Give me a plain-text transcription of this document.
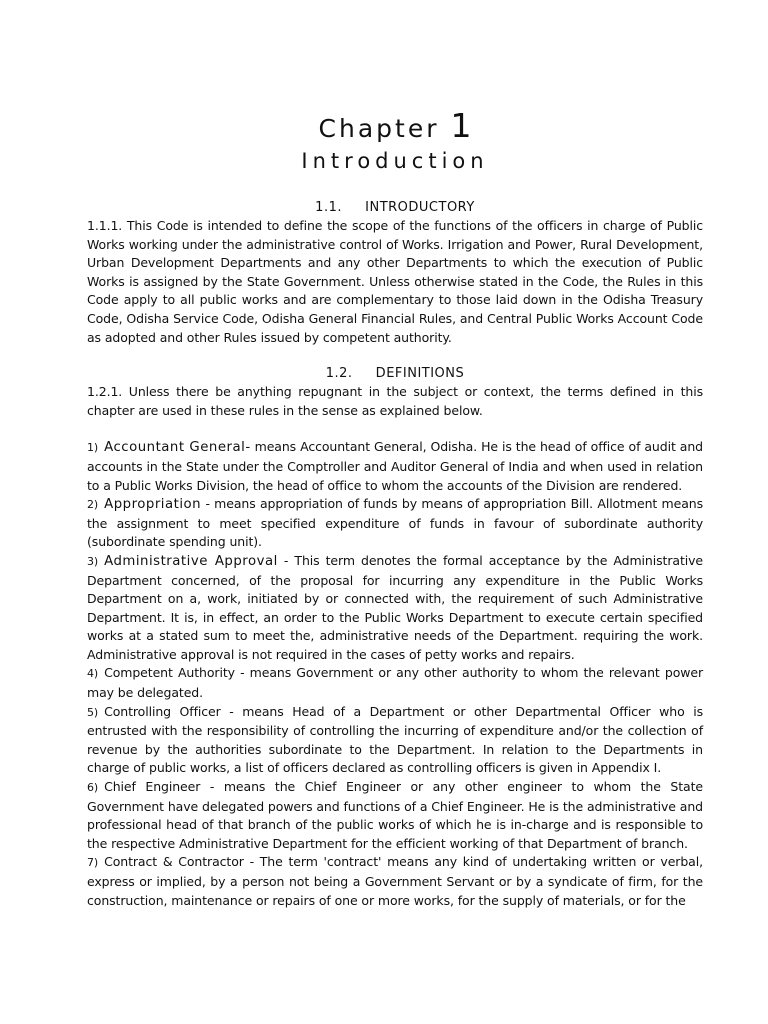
Chapter 1
Introduction
1.1.     INTRODUCTORY
1.1.1. This Code is intended to define the scope of the functions of the officers in charge of Public Works working under the administrative control of Works. Irrigation and Power, Rural Development, Urban Development Departments and any other Departments to which the execution of Public Works is assigned by the State Government. Unless otherwise stated in the Code, the Rules in this Code apply to all public works and are complementary to those laid down in the Odisha Treasury Code, Odisha Service Code, Odisha General Financial Rules, and Central Public Works Account Code as adopted and other Rules issued by competent authority.
1.2.     DEFINITIONS
1.2.1. Unless there be anything repugnant in the subject or context, the terms defined in this chapter are used in these rules in the sense as explained below.
1) Accountant General- means Accountant General, Odisha. He is the head of office of audit and accounts in the State under the Comptroller and Auditor General of India and when used in relation to a Public Works Division, the head of office to whom the accounts of the Division are rendered.
2) Appropriation - means appropriation of funds by means of appropriation Bill. Allotment means the assignment to meet specified expenditure of funds in favour of subordinate authority (subordinate spending unit).
3) Administrative Approval - This term denotes the formal acceptance by the Administrative Department concerned, of the proposal for incurring any expenditure in the Public Works Department on a, work, initiated by or connected with, the requirement of such Administrative Department. It is, in effect, an order to the Public Works Department to execute certain specified works at a stated sum to meet the, administrative needs of the Department. requiring the work. Administrative approval is not required in the cases of petty works and repairs.
4) Competent Authority - means Government or any other authority to whom the relevant power may be delegated.
5) Controlling Officer - means Head of a Department or other Departmental Officer who is entrusted with the responsibility of controlling the incurring of expenditure and/or the collection of revenue by the authorities subordinate to the Department. In relation to the Departments in charge of public works, a list of officers declared as controlling officers is given in Appendix I.
6) Chief Engineer - means the Chief Engineer or any other engineer to whom the State Government have delegated powers and functions of a Chief Engineer. He is the administrative and professional head of that branch of the public works of which he is in-charge and is responsible to the respective Administrative Department for the efficient working of that Department of branch.
7) Contract & Contractor - The term 'contract' means any kind of undertaking written or verbal, express or implied, by a person not being a Government Servant or by a syndicate of firm, for the construction, maintenance or repairs of one or more works, for the supply of materials, or for the
